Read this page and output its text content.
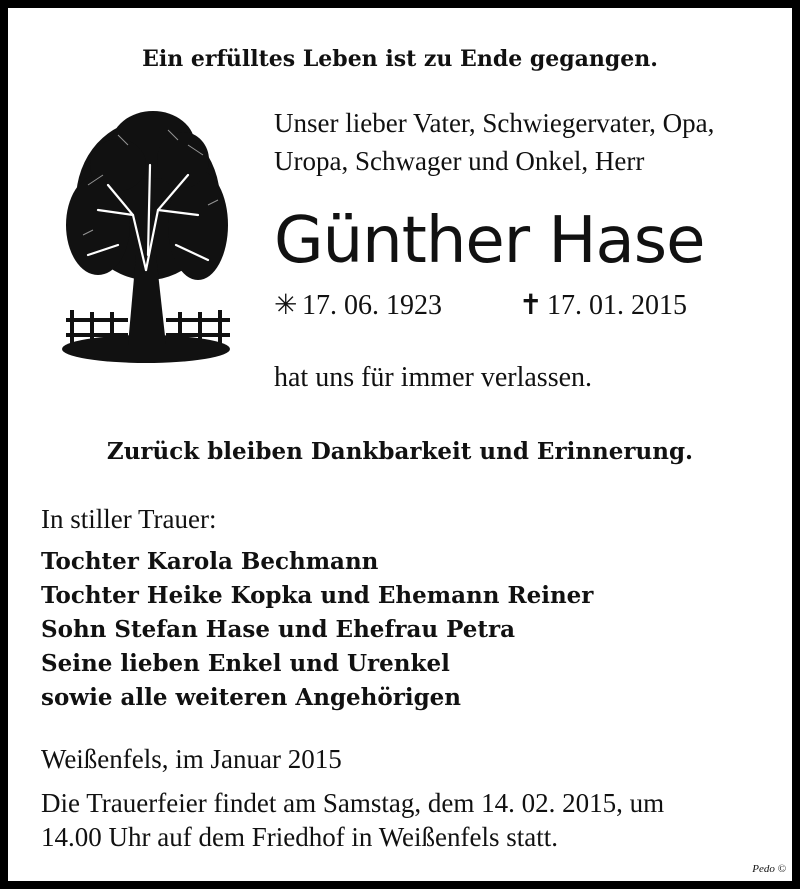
Ein erfülltes Leben ist zu Ende gegangen.
Unser lieber Vater, Schwiegervater, Opa,
Uropa, Schwager und Onkel, Herr
Günther Hase
✳ 17. 06. 1923	✝ 17. 01. 2015
hat uns für immer verlassen.
Zurück bleiben Dankbarkeit und Erinnerung.
In stiller Trauer:
Tochter Karola Bechmann
Tochter Heike Kopka und Ehemann Reiner
Sohn Stefan Hase und Ehefrau Petra
Seine lieben Enkel und Urenkel
sowie alle weiteren Angehörigen
Weißenfels, im Januar 2015
Die Trauerfeier findet am Samstag, dem 14. 02. 2015, um
14.00 Uhr auf dem Friedhof in Weißenfels statt.
Pedo ©
